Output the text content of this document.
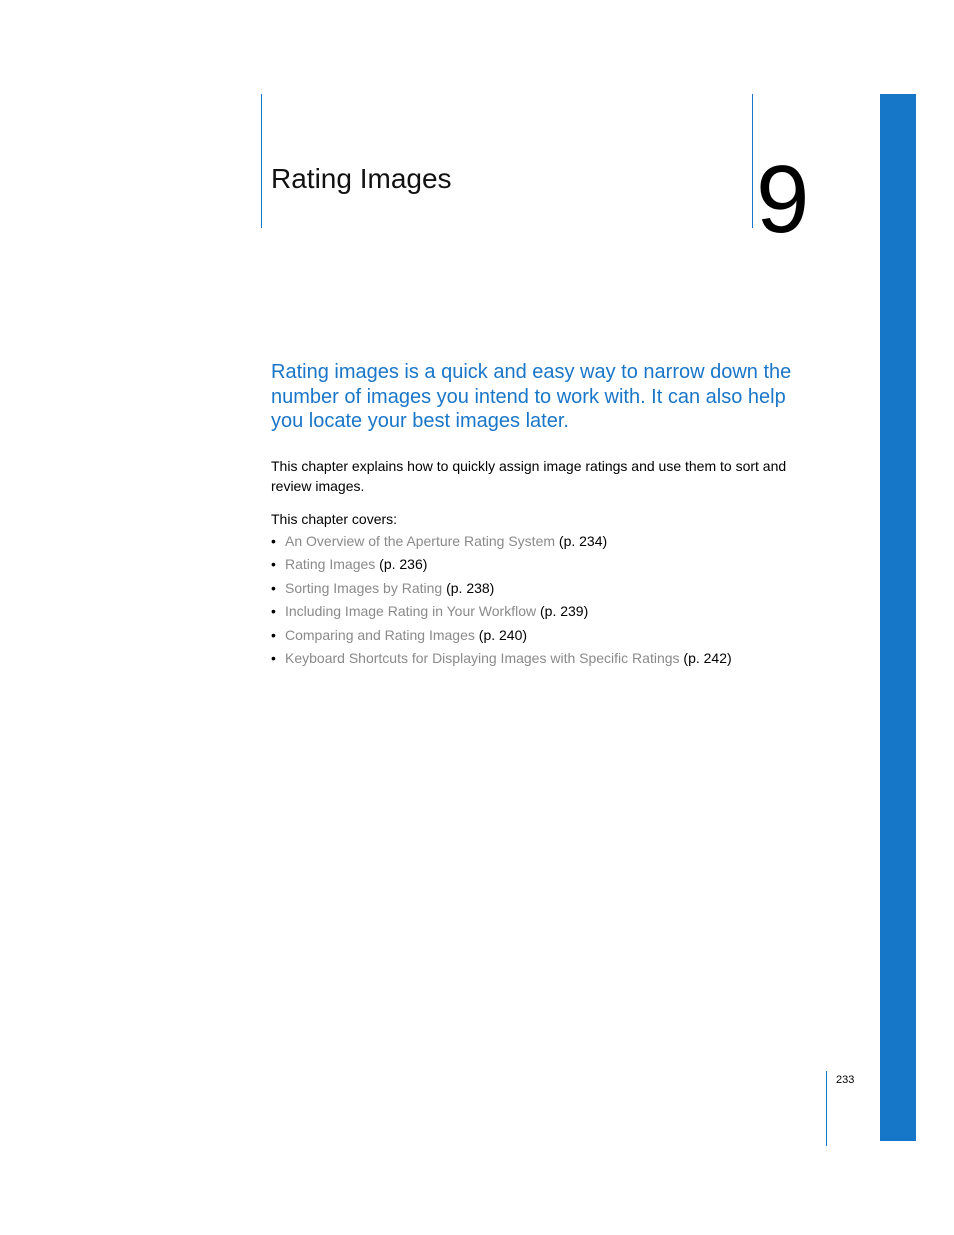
Rating Images	9

Rating images is a quick and easy way to narrow down the
number of images you intend to work with. It can also help
you locate your best images later.

This chapter explains how to quickly assign image ratings and use them to sort and
review images.

This chapter covers:

• An Overview of the Aperture Rating System (p. 234)
• Rating Images (p. 236)
• Sorting Images by Rating (p. 238)
• Including Image Rating in Your Workflow (p. 239)
• Comparing and Rating Images (p. 240)
• Keyboard Shortcuts for Displaying Images with Specific Ratings (p. 242)
233
